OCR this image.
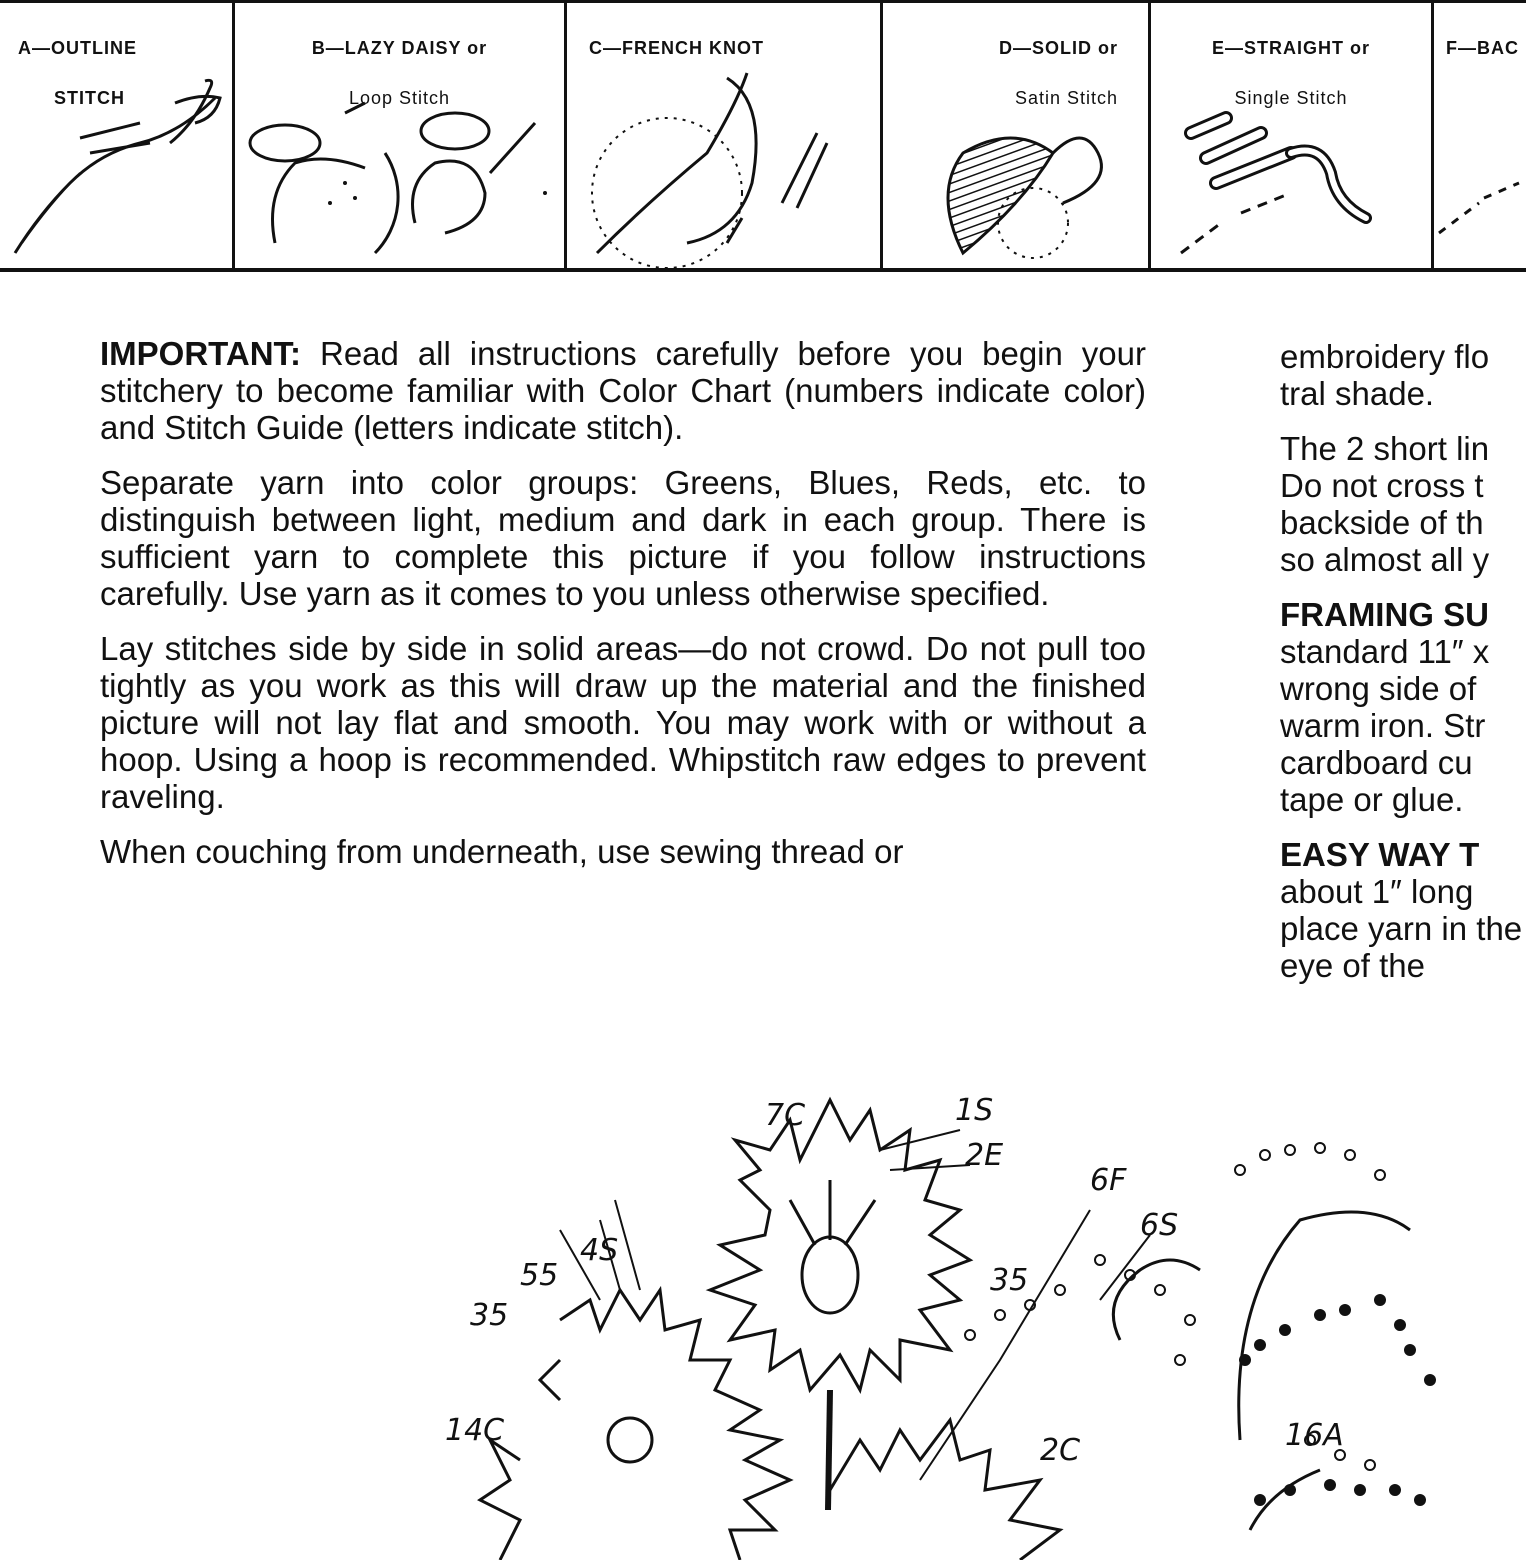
A—OUTLINE

STITCH

B—LAZY DAISY or

Loop Stitch

C—FRENCH KNOT	D—SOLID or

Satin Stitch

E—STRAIGHT or

Single Stitch

F—BAC

IMPORTANT: Read all instructions carefully before you begin your stitchery to become familiar with Color Chart (numbers indicate color) and Stitch Guide (letters indicate stitch).

Separate yarn into color groups: Greens, Blues, Reds, etc. to distinguish between light, medium and dark in each group. There is sufficient yarn to complete this picture if you follow instructions carefully. Use yarn as it comes to you unless otherwise specified.

Lay stitches side by side in solid areas—do not crowd. Do not pull too tightly as you work as this will draw up the material and the finished picture will not lay flat and smooth. You may work with or without a hoop. Using a hoop is recommended. Whipstitch raw edges to prevent raveling.

When couching from underneath, use sewing thread or

embroidery flo tral shade.

The 2 short lin Do not cross t backside of th so almost all y

FRAMING SU
standard 11″ x wrong side of warm iron. Str cardboard cu tape or glue.

EASY WAY T
about 1″ long place yarn in the eye of the

7C	1S
2E
55
4S
35
14C
35
6F
6S
2C	16A
